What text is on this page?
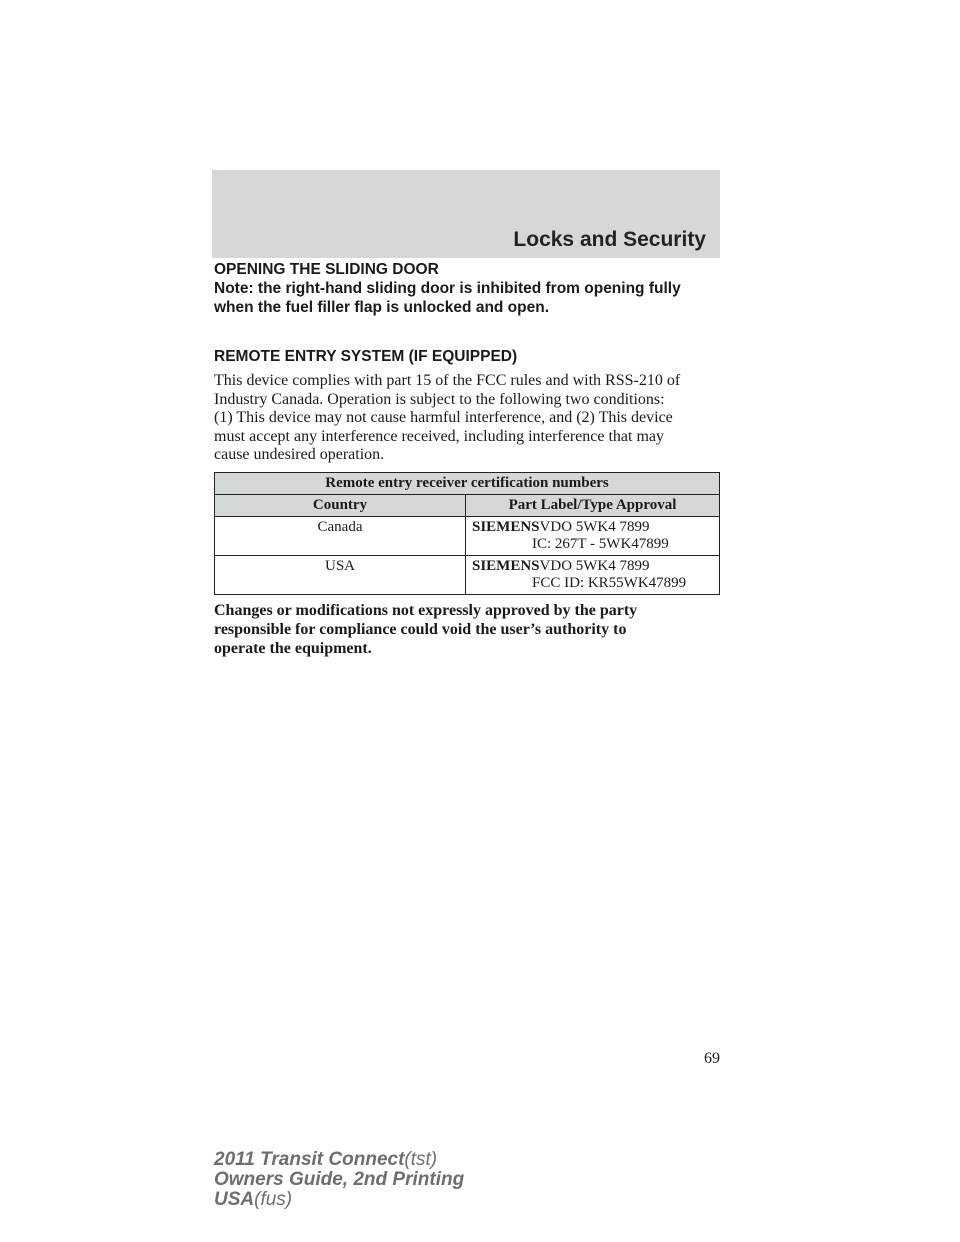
Locks and Security

OPENING THE SLIDING DOOR

Note: the right-hand sliding door is inhibited from opening fully

when the fuel filler flap is unlocked and open.

REMOTE ENTRY SYSTEM (IF EQUIPPED)

This device complies with part 15 of the FCC rules and with RSS-210 of

Industry Canada. Operation is subject to the following two conditions:

(1) This device may not cause harmful interference, and (2) This device

must accept any interference received, including interference that may

cause undesired operation.

Remote entry receiver certification numbers	
Country	Part Label/Type Approval
Canada	SIEMENSVDO 5WK4 7899
IC: 267T - 5WK47899

USA	SIEMENSVDO 5WK4 7899
FCC ID: KR55WK47899

Changes or modifications not expressly approved by the party

responsible for compliance could void the user’s authority to

operate the equipment.

69
2011 Transit Connect(tst)
Owners Guide, 2nd Printing
USA(fus)
